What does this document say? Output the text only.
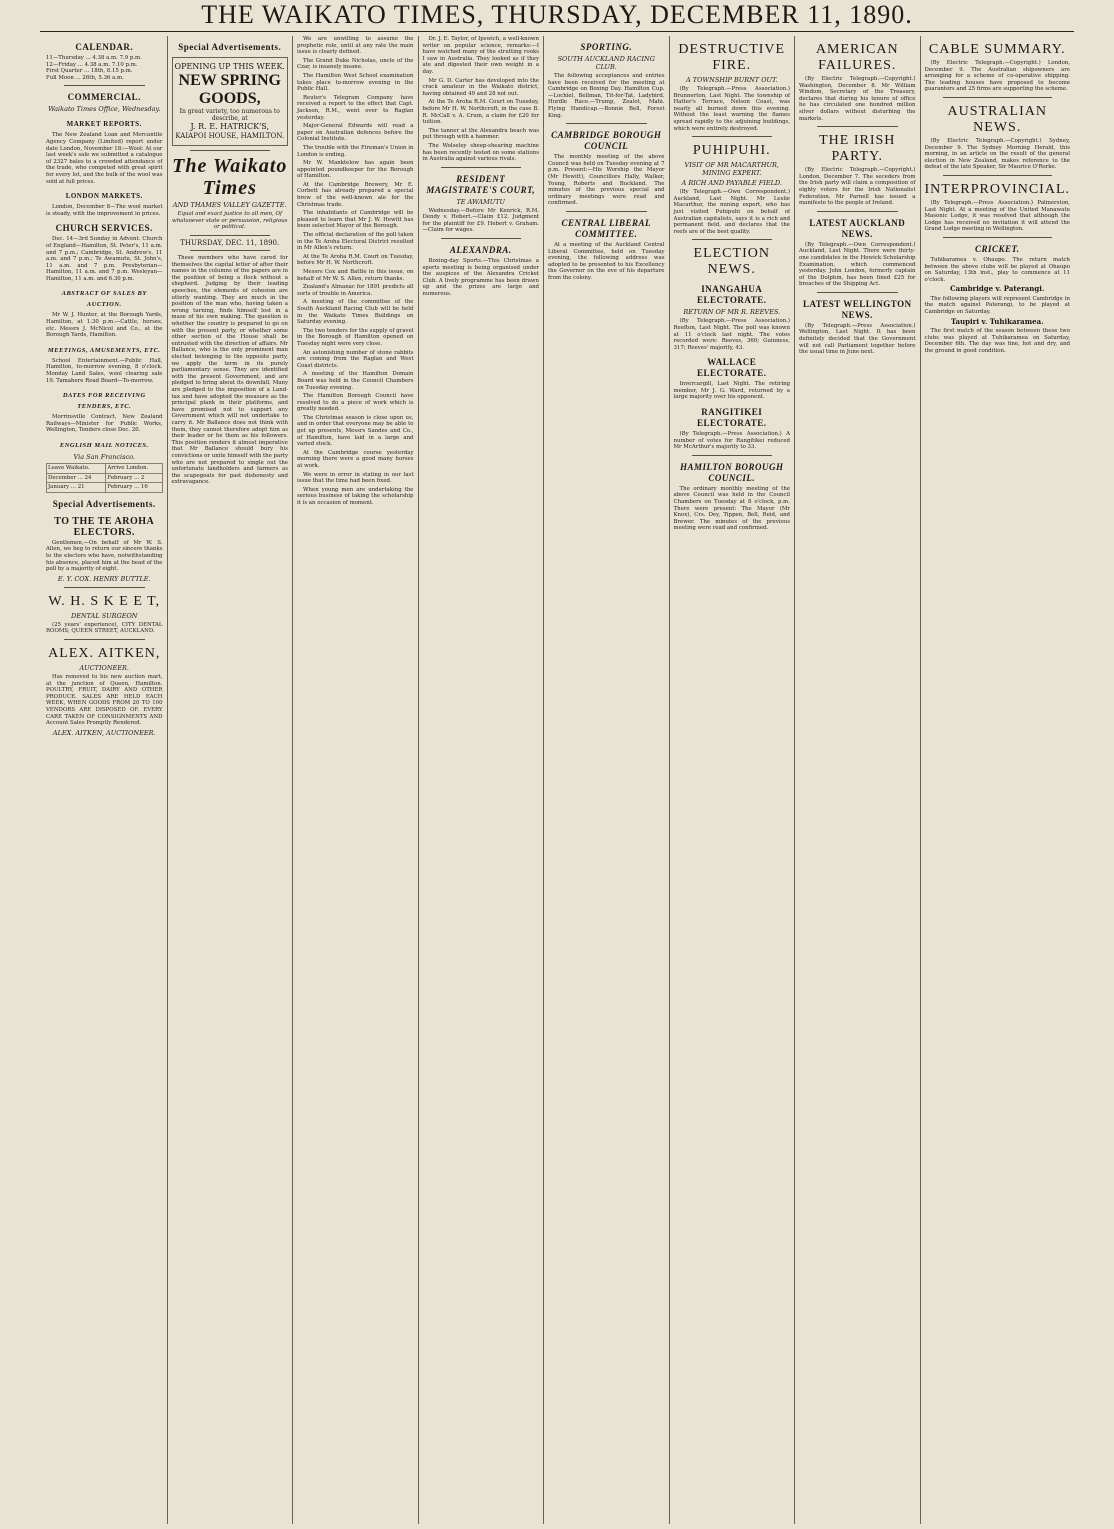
THE WAIKATO TIMES, THURSDAY, DECEMBER 11, 1890.
CALENDAR.
11—Thursday ... 4.38 a.m. 7.9 p.m.
12—Friday ... 4.38 a.m. 7.10 p.m.
First Quarter ... 18th, 8.15 p.m.
Full Moon ... 26th, 5.36 a.m.
COMMERCIAL.
Waikato Times Office, Wednesday.
MARKET REPORTS.

The New Zealand Loan and Mercantile Agency Company (Limited) report under date London, November 18:—Wool: At our last week's sale we submitted a catalogue of 2327 bales to a crowded attendance of the trade, who competed with great spirit for every lot, and the bulk of the wool was sold at full prices.

LONDON MARKETS.

London, December 8—The wool market is steady, with the improvement in prices.

CHURCH SERVICES.

Dec. 14—3rd Sunday in Advent. Church of England—Hamilton, St. Peter's, 11 a.m. and 7 p.m.; Cambridge, St. Andrew's, 11 a.m. and 7 p.m.; Te Awamutu, St. John's, 11 a.m. and 7 p.m. Presbyterian—Hamilton, 11 a.m. and 7 p.m. Wesleyan—Hamilton, 11 a.m. and 6.30 p.m.

ABSTRACT OF SALES BY AUCTION.

Mr W. J. Hunter, at the Borough Yards, Hamilton, at 1.30 p.m.—Cattle, horses, etc. Messrs J. McNicol and Co., at the Borough Yards, Hamilton.

MEETINGS, AMUSEMENTS, ETC.

School Entertainment.—Public Hall, Hamilton, to-morrow evening, 8 o'clock. Monday Land Sales, wool clearing sale 19. Tamahere Road Board—To-morrow.

DATES FOR RECEIVING TENDERS, ETC.

Morrinsville Contract, New Zealand Railways—Minister for Public Works, Wellington, Tenders close Dec. 20.

ENGLISH MAIL NOTICES.
Via San Francisco.
Leave Waikato.	Arrive London.
December ... 24	February ... 2
January ... 21	February ... 16
Special Advertisements.
TO THE TE AROHA ELECTORS.

Gentlemen,—On behalf of Mr W. S. Allen, we beg to return our sincere thanks to the electors who have, notwithstanding his absence, placed him at the head of the poll by a majority of eight.

E. Y. COX. HENRY BUTTLE.
W. H. S K E E T,
DENTAL SURGEON

(25 years' experience), CITY DENTAL ROOMS, QUEEN STREET, AUCKLAND.

ALEX. AITKEN,
AUCTIONEER.

Has removed to his new auction mart, at the junction of Queen, Hamilton. POULTRY, FRUIT, DAIRY AND OTHER PRODUCE. SALES ARE HELD EACH WEEK, WHEN GOODS FROM 20 TO 100 VENDORS ARE DISPOSED OF. EVERY CARE TAKEN OF CONSIGNMENTS AND Account Sales Promptly Rendered.

ALEX. AITKEN, AUCTIONEER.
Special Advertisements.
OPENING UP THIS WEEK.
NEW SPRING GOODS,
In great variety, too numerous to describe, at
J. R. E. HATRICK'S,
KAIAPOI HOUSE, HAMILTON.
The Waikato Times
AND THAMES VALLEY GAZETTE.
Equal and exact justice to all men, Of whatsoever state or persuasion, religious or political.
THURSDAY, DEC. 11, 1890.

These members who have cared for themselves the capital letter of after their names in the columns of the papers are in the position of being a flock without a shepherd. Judging by their leading speeches, the elements of cohesion are utterly wanting. They are much in the position of the man who, having taken a wrong turning, finds himself lost in a maze of his own making. The question is whether the country is prepared to go on with the present party, or whether some other section of the House shall be entrusted with the direction of affairs. Mr Ballance, who is the only prominent man elected belonging to the opposite party, we apply the term in its purely parliamentary sense. They are identified with the present Government, and are pledged to bring about its downfall. Many are pledged to the imposition of a Land-tax and have adopted the measure as the principal plank in their platforms, and have promised not to support any Government which will not undertake to carry it. Mr Ballance does not think with them, they cannot therefore adopt him as their leader or he them as his followers. This position renders it almost imperative that Mr Ballance should bury his convictions or unite himself with the party who are not prepared to single out the unfortunate landholders and farmers as the scapegoats for past dishonesty and extravagance.

We are unwilling to assume the prophetic role, until at any rate the main issue is clearly defined.

The Grand Duke Nicholas, uncle of the Czar, is insanely insane.

The Hamilton West School examination takes place to-morrow evening in the Public Hall.

Reuter's Telegram Company have received a report to the effect that Capt. Jackson, R.M., went over to Raglan yesterday.

Major-General Edwards will read a paper on Australian defences before the Colonial Institute.

The trouble with the Fireman's Union in London is ending.

Mr W. Manktelow has again been appointed poundkeeper for the Borough of Hamilton.

At the Cambridge Brewery, Mr E. Corbett has already prepared a special brew of the well-known ale for the Christmas trade.

The inhabitants of Cambridge will be pleased to learn that Mr J. W. Hewitt has been selected Mayor of the Borough.

The official declaration of the poll taken in the Te Aroha Electoral District resulted in Mr Allen's return.

At the Te Aroha R.M. Court on Tuesday, before Mr H. W. Northcroft.

Messrs Cox and Battle in this issue, on behalf of Mr W. S. Allen, return thanks.

Zealand's Almanac for 1891 predicts all sorts of trouble in America.

A meeting of the committee of the South Auckland Racing Club will be held in the Waikato Times Buildings on Saturday evening.

The two tenders for the supply of gravel in the Borough of Hamilton opened on Tuesday night were very close.

An astonishing number of stone rabbits are coming from the Raglan and West Coast districts.

A meeting of the Hamilton Domain Board was held in the Council Chambers on Tuesday evening.

The Hamilton Borough Council have resolved to do a piece of work which is greatly needed.

The Christmas season is close upon us, and in order that everyone may be able to get up presents, Messrs Sandes and Co., of Hamilton, have laid in a large and varied stock.

At the Cambridge course yesterday morning there were a good many horses at work.

We were in error in stating in our last issue that the time had been fixed.

When young men are undertaking the serious business of taking the scholarship it is an occasion of moment.

Dr. J. E. Taylor, of Ipswich, a well-known writer on popular science, remarks:—I have watched many of the strutting rooks I saw in Australia. They looked as if they ate and digested their own weight in a day.

Mr G. D. Carter has developed into the crack amateur in the Waikato district, having obtained 49 and 28 not out.

At the Te Aroha R.M. Court on Tuesday, before Mr H. W. Northcroft, in the case B. R. McCall v. A. Crum, a claim for £20 for tuition.

The tanner at the Alexandra beach was put through with a hammer.

The Wolseley sheep-shearing machine has been recently tested on some stations in Australia against various rivals.

RESIDENT MAGISTRATE'S COURT,
TE AWAMUTU

Wednesday.—Before Mr Kenrick, R.M. Dendy v. Hebert.—Claim £12. Judgment for the plaintiff for £9. Hebert v. Graham.—Claim for wages.

ALEXANDRA.

Boxing-day Sports.—This Christmas a sports meeting is being organised under the auspices of the Alexandra Cricket Club. A lively programme has been drawn up and the prizes are large and numerous.

SPORTING.
SOUTH AUCKLAND RACING CLUB.

The following acceptances and entries have been received for the meeting at Cambridge on Boxing Day. Hamilton Cup.—Lochiel, Bellman, Tit-for-Tat, Ladybird. Hurdle Race.—Trump, Zealot, Mahi. Flying Handicap.—Bonnie Bell, Forest King.

CAMBRIDGE BOROUGH COUNCIL

The monthly meeting of the above Council was held on Tuesday evening at 7 p.m. Present:—His Worship the Mayor (Mr Hewitt), Councillors Hally, Walker, Young, Roberts and Buckland. The minutes of the previous special and ordinary meetings were read and confirmed.

CENTRAL LIBERAL COMMITTEE.

At a meeting of the Auckland Central Liberal Committee, held on Tuesday evening, the following address was adopted to be presented to his Excellency the Governor on the eve of his departure from the colony.

DESTRUCTIVE FIRE.
A TOWNSHIP BURNT OUT.

(By Telegraph.—Press Association.) Brunnerton, Last Night. The township of Hatter's Terrace, Nelson Coast, was nearly all burned down this evening. Without the least warning the flames spread rapidly to the adjoining buildings, which were entirely destroyed.

PUHIPUHI.
VISIT OF MR MACARTHUR, MINING EXPERT.
A RICH AND PAYABLE FIELD.

(By Telegraph.—Own Correspondent.) Auckland, Last Night. Mr Leslie Macarthur, the mining expert, who has just visited Puhipuhi on behalf of Australian capitalists, says it is a rich and permanent field, and declares that the reefs are of the best quality.

ELECTION NEWS.
INANGAHUA ELECTORATE.
RETURN OF MR R. REEVES.

(By Telegraph.—Press Association.) Reefton, Last Night. The poll was known at 11 o'clock last night. The votes recorded were: Reeves, 360; Guinness, 317; Reeves' majority, 43.

WALLACE ELECTORATE.

Invercargill, Last Night. The retiring member, Mr J. G. Ward, returned by a large majority over his opponent.

RANGITIKEI ELECTORATE.

(By Telegraph.—Press Association.) A number of votes for Rangitikei reduced Mr McArthur's majority to 33.

HAMILTON BOROUGH COUNCIL.

The ordinary monthly meeting of the above Council was held in the Council Chambers on Tuesday at 8 o'clock, p.m. There were present: The Mayor (Mr Knox), Crs. Dey, Tippen, Bell, Reid, and Brewer. The minutes of the previous meeting were read and confirmed.

AMERICAN FAILURES.

(By Electric Telegraph.—Copyright.) Washington, December 8. Mr William Windom, Secretary of the Treasury, declares that during his tenure of office he has circulated one hundred million silver dollars without disturbing the markets.

THE IRISH PARTY.

(By Electric Telegraph.—Copyright.) London, December 7. The seceders from the Irish party will claim a composition of eighty voters for the Irish Nationalist Federation. Mr Parnell has issued a manifesto to the people of Ireland.

LATEST AUCKLAND NEWS.

(By Telegraph.—Own Correspondent.) Auckland, Last Night. There were thirty-one candidates in the Howick Scholarship Examination, which commenced yesterday. John London, formerly captain of the Dolphin, has been fined £25 for breaches of the Shipping Act.

LATEST WELLINGTON NEWS.

(By Telegraph.—Press Association.) Wellington, Last Night. It has been definitely decided that the Government will not call Parliament together before the usual time in June next.

CABLE SUMMARY.

(By Electric Telegraph.—Copyright.) London, December 9. The Australian shipowners are arranging for a scheme of co-operative shipping. The leading houses have proposed to become guarantors and 25 firms are supporting the scheme.

AUSTRALIAN NEWS.

(By Electric Telegraph.—Copyright.) Sydney, December 9. The Sydney Morning Herald, this morning, in an article on the result of the general election in New Zealand, makes reference to the defeat of the late Speaker, Sir Maurice O'Rorke.

INTERPROVINCIAL.

(By Telegraph.—Press Association.) Palmerston, Last Night. At a meeting of the United Manawatu Masonic Lodge, it was resolved that although the Lodge has received no invitation it will attend the Grand Lodge meeting in Wellington.

CRICKET.

Tuhikaramea v. Ohaupo. The return match between the above clubs will be played at Ohaupo on Saturday, 13th inst., play to commence at 11 o'clock.

Cambridge v. Paterangi.

The following players will represent Cambridge in the match against Paterangi, to be played at Cambridge on Saturday.

Taupiri v. Tuhikaramea.

The first match of the season between these two clubs was played at Tuhikaramea on Saturday, December 6th. The day was fine, hot and dry, and the ground in good condition.
